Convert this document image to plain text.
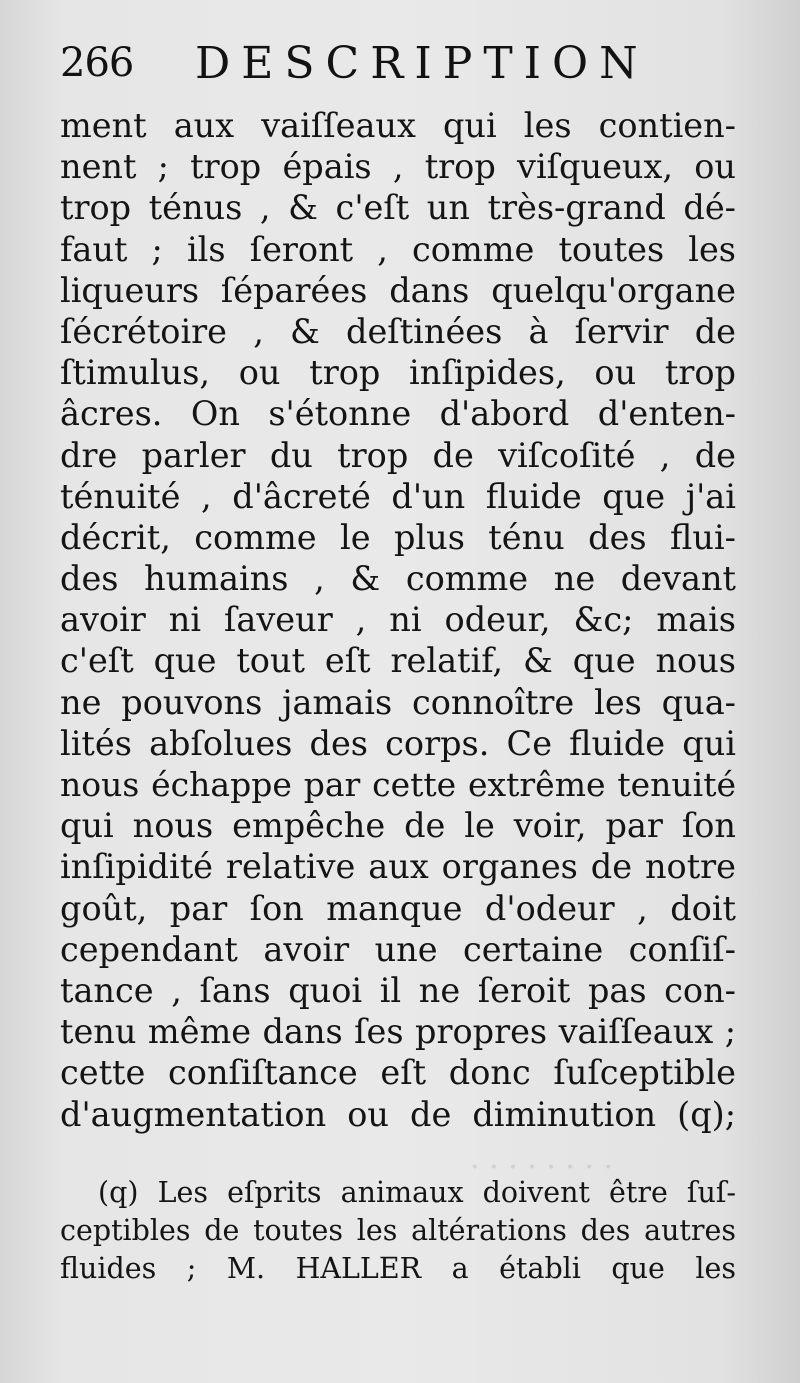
· · · · · · · ·
266 DESCRIPTION
ment aux vaiſſeaux qui les contien-
nent ; trop épais , trop viſqueux, ou
trop ténus , & c'eſt un très-grand dé-
faut ; ils ſeront , comme toutes les
liqueurs ſéparées dans quelqu'organe
ſécrétoire , & deſtinées à ſervir de
ſtimulus, ou trop inſipides, ou trop
âcres. On s'étonne d'abord d'enten-
dre parler du trop de viſcoſité , de
ténuité , d'âcreté d'un fluide que j'ai
décrit, comme le plus ténu des flui-
des humains , & comme ne devant
avoir ni ſaveur , ni odeur, &c; mais
c'eſt que tout eſt relatif, & que nous
ne pouvons jamais connoître les qua-
lités abſolues des corps. Ce fluide qui
nous échappe par cette extrême tenuité
qui nous empêche de le voir, par ſon
inſipidité relative aux organes de notre
goût, par ſon manque d'odeur , doit
cependant avoir une certaine conſiſ-
tance , ſans quoi il ne ſeroit pas con-
tenu même dans ſes propres vaiſſeaux ;
cette conſiſtance eſt donc ſuſceptible
d'augmentation ou de diminution (q);
(q) Les eſprits animaux doivent être ſuſ-
ceptibles de toutes les altérations des autres
fluides ; M. HALLER a établi que les
